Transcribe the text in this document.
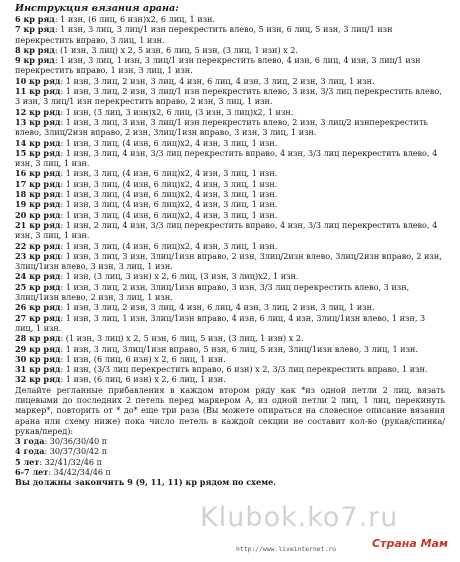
Инструкция вязания арана:
6 кр ряд: 1 изн, (6 лиц, 6 изн)х2, 6 лиц, 1 изн.
7 кр ряд: 1 изн, 3 лиц, 3 лиц/1 изн перекрестить влево, 5 изн, 6 лиц, 5 изн, 3 лиц/1 изн перекрестить вправо, 3 лиц, 1 изн.
8 кр ряд: (1 изн, 3 лиц) х 2, 5 изн, 6 лиц, 5 изн, (3 лиц, 1 изн) х 2.
9 кр ряд: 1 изн, 3 лиц, 1 изн, 3 лиц/1 изн перекрестить влево, 4 изн, 6 лиц, 4 изн, 3 лиц/1 изн перекрестить вправо, 1 изн, 3 лиц, 1 изн.
10 кр ряд: 1 изн, 3 лиц, 2 изн, 3 лиц, 4 изн, 6 лиц, 4 изн, 3 лиц, 2 изн, 3 лиц, 1 изн.
11 кр ряд: 1 изн, 3 лиц, 2 изн, 3 лиц/1 изн перекрестить влево, 3 изн, 3/3 лиц перекрестить влево, 3 изн, 3 лиц/1 изн перекрестить вправо, 2 изн, 3 лиц, 1 изн.
12 кр ряд: 1 изн, (3 лиц, 3 изн)х2, 6 лиц, (3 изн, 3 лиц)х2, 1 изн.
13 кр ряд: 1 изн, 3 лиц, 3 изн, 3 лиц/1 изн перекрестить влево, 2 изн, 3 лиц/2 изнперекрестить влево, 3лиц/2изн вправо, 2 изн, 3лиц/1изн вправо, 3 изн, 3 лиц, 1 изн.
14 кр ряд: 1 изн, 3 лиц, (4 изн, 6 лиц)х2, 4 изн, 3 лиц, 1 изн.
15 кр ряд: 1 изн, 3 лиц, 4 изн, 3/3 лиц перекрестить вправо, 4 изн, 3/3 лиц перекрестить влево, 4 изн, 3 лиц, 1 изн.
16 кр ряд: 1 изн, 3 лиц, (4 изн, 6 лиц)х2, 4 изн, 3 лиц, 1 изн.
17 кр ряд: 1 изн, 3 лиц, (4 изн, 6 лиц)х2, 4 изн, 3 лиц, 1 изн.
18 кр ряд: 1 изн, 3 лиц, (4 изн, 6 лиц)х2, 4 изн, 3 лиц, 1 изн.
19 кр ряд: 1 изн, 3 лиц, (4 изн, 6 лиц)х2, 4 изн, 3 лиц, 1 изн.
20 кр ряд: 1 изн, 3 лиц, (4 изн, 6 лиц)х2, 4 изн, 3 лиц, 1 изн.
21 кр ряд: 1 изн, 2 лиц, 4 изн, 3/3 лиц перекрестить вправо, 4 изн, 3/3 лиц перекрестить влево, 4 изн, 3 лиц, 1 изн.
22 кр ряд: 1 изн, 3 лиц, (4 изн, 6 лиц)х2, 4 изн, 3 лиц, 1 изн.
23 кр ряд: 1 изн, 3 лиц, 3 изн, 3лиц/1изн вправо, 2 изн, 3лиц/2изн влево, 3лиц/2изн вправо, 2 изн, 3лиц/1изн влево, 3 изн, 3 лиц, 1 изн.
24 кр ряд: 1 изн, (3 лиц, 3 изн) х 2, 6 лиц, (3 изн, 3 лиц)х2, 1 изн.
25 кр ряд: 1 изн, 3 лиц, 2 изн, 3лиц/1изн вправо, 3 изн, 3/3 лиц перекрестить влево, 3 изн, 3лиц/1изн влево, 2 изн, 3 лиц, 1 изн.
26 кр ряд: 1 изн, 3 лиц, 2 изн, 3 лиц, 4 изн, 6 лиц, 4 изн, 3 лиц, 2 изн, 3 лиц, 1 изн.
27 кр ряд: 1 изн, 3 лиц, 1 изн, 3лиц/1изн вправо, 4 изн, 6 лиц, 4 изн, 3лиц/1изн влево, 1 изн, 3 лиц, 1 изн.
28 кр ряд: (1 изн, 3 лиц) х 2, 5 изн, 6 лиц, 5 изн, (3 лиц, 1 изн) х 2.
29 кр ряд: 1 изн, 3 лиц, 3лиц/1изн вправо, 5 изн, 6 лиц, 5 изн, 3лиц/1изн влево, 3 лиц, 1 изн.
30 кр ряд: 1 изн, (6 лиц, 6 изн) х 2, 6 лиц, 1 изн.
31 кр ряд: 1 изн, (3/3 лиц перекрестить вправо, 6 изн) х 2, 3/3 лиц перекрестить вправо, 1 изн.
32 кр ряд: 1 изн, (6 лиц, 6 изн) х 2, 6 лиц, 1 изн.
Делайте регланные прибавления в каждом втором ряду как *из одной петли 2 лиц, вязать лицевыми до последних 2 петель перед маркером А, из одной петли 2 лиц, 1 лиц, перекинуть маркер*, повторить от * до* еще три раза (Вы можете опираться на словесное описание вязания арана или схему ниже) пока число петель в каждой секции не составит кол-во (рукав/спинка/рукав/перед):
3 года: 30/36/30/40 п
4 года: 30/37/30/42 п
5 лет: 32/41/32/46 п
6-7 лет: 34/42/34/46 п
Вы должны закончить 9 (9, 11, 11) кр рядом по схеме.
Klubok.ko7.ru
http://www.liveinternet.ru	Страна Мам
